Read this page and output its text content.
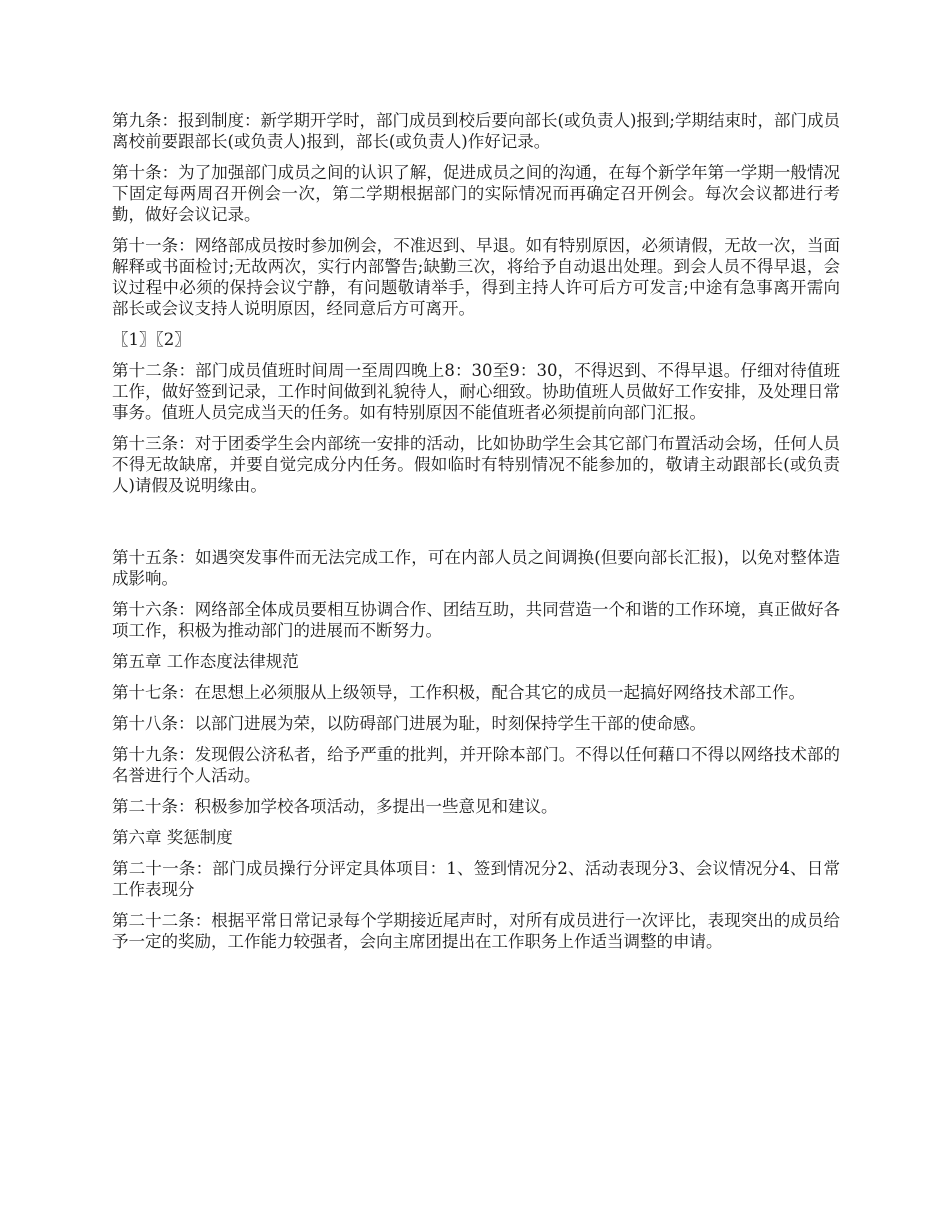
第九条：报到制度：新学期开学时，部门成员到校后要向部长(或负责人)报到;学期结束时，部门成员离校前要跟部长(或负责人)报到，部长(或负责人)作好记录。

第十条：为了加强部门成员之间的认识了解，促进成员之间的沟通，在每个新学年第一学期一般情况下固定每两周召开例会一次，第二学期根据部门的实际情况而再确定召开例会。每次会议都进行考勤，做好会议记录。

第十一条：网络部成员按时参加例会，不准迟到、早退。如有特别原因，必须请假，无故一次，当面解释或书面检讨;无故两次，实行内部警告;缺勤三次，将给予自动退出处理。到会人员不得早退，会议过程中必须的保持会议宁静，有问题敬请举手，得到主持人许可后方可发言;中途有急事离开需向部长或会议支持人说明原因，经同意后方可离开。

〖1〗〖2〗

第十二条：部门成员值班时间周一至周四晚上8：30至9：30，不得迟到、不得早退。仔细对待值班工作，做好签到记录，工作时间做到礼貌待人，耐心细致。协助值班人员做好工作安排，及处理日常事务。值班人员完成当天的任务。如有特别原因不能值班者必须提前向部门汇报。

第十三条：对于团委学生会内部统一安排的活动，比如协助学生会其它部门布置活动会场，任何人员不得无故缺席，并要自觉完成分内任务。假如临时有特别情况不能参加的，敬请主动跟部长(或负责人)请假及说明缘由。

第十五条：如遇突发事件而无法完成工作，可在内部人员之间调换(但要向部长汇报)，以免对整体造成影响。

第十六条：网络部全体成员要相互协调合作、团结互助，共同营造一个和谐的工作环境，真正做好各项工作，积极为推动部门的进展而不断努力。

第五章 工作态度法律规范

第十七条：在思想上必须服从上级领导，工作积极，配合其它的成员一起搞好网络技术部工作。

第十八条：以部门进展为荣，以防碍部门进展为耻，时刻保持学生干部的使命感。

第十九条：发现假公济私者，给予严重的批判，并开除本部门。不得以任何藉口不得以网络技术部的名誉进行个人活动。

第二十条：积极参加学校各项活动，多提出一些意见和建议。

第六章 奖惩制度

第二十一条：部门成员操行分评定具体项目：1、签到情况分2、活动表现分3、会议情况分4、日常工作表现分

第二十二条：根据平常日常记录每个学期接近尾声时，对所有成员进行一次评比，表现突出的成员给予一定的奖励，工作能力较强者，会向主席团提出在工作职务上作适当调整的申请。
